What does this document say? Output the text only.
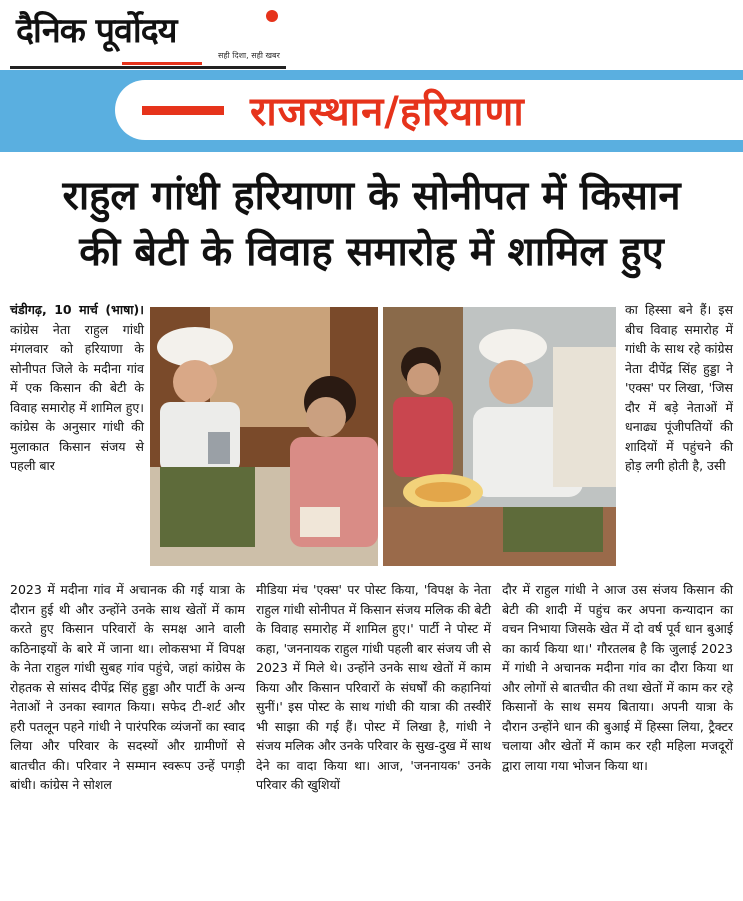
दैनिक पूर्वोदय
सही दिशा, सही खबर
राजस्थान/हरियाणा
राहुल गांधी हरियाणा के सोनीपत में किसान
की बेटी के विवाह समारोह में शामिल हुए

चंडीगढ़, 10 मार्च (भाषा)। कांग्रेस नेता राहुल गांधी मंगलवार को हरियाणा के सोनीपत जिले के मदीना गांव में एक किसान की बेटी के विवाह समारोह में शामिल हुए। कांग्रेस के अनुसार गांधी की मुलाकात किसान संजय से पहली बार

2023 में मदीना गांव में अचानक की गई यात्रा के दौरान हुई थी और उन्होंने उनके साथ खेतों में काम करते हुए किसान परिवारों के समक्ष आने वाली कठिनाइयों के बारे में जाना था। लोकसभा में विपक्ष के नेता राहुल गांधी सुबह गांव पहुंचे, जहां कांग्रेस के रोहतक से सांसद दीपेंद्र सिंह हुड्डा और पार्टी के अन्य नेताओं ने उनका स्वागत किया। सफेद टी-शर्ट और हरी पतलून पहने गांधी ने पारंपरिक व्यंजनों का स्वाद लिया और परिवार के सदस्यों और ग्रामीणों से बातचीत की। परिवार ने सम्मान स्वरूप उन्हें पगड़ी बांधी। कांग्रेस ने सोशल

मीडिया मंच 'एक्स' पर पोस्ट किया, 'विपक्ष के नेता राहुल गांधी सोनीपत में किसान संजय मलिक की बेटी के विवाह समारोह में शामिल हुए।' पार्टी ने पोस्ट में कहा, 'जननायक राहुल गांधी पहली बार संजय जी से 2023 में मिले थे। उन्होंने उनके साथ खेतों में काम किया और किसान परिवारों के संघर्षों की कहानियां सुनीं।' इस पोस्ट के साथ गांधी की यात्रा की तस्वीरें भी साझा की गई हैं। पोस्ट में लिखा है, गांधी ने संजय मलिक और उनके परिवार के सुख-दुख में साथ देने का वादा किया था। आज, 'जननायक' उनके परिवार की खुशियों

का हिस्सा बने हैं। इस बीच विवाह समारोह में गांधी के साथ रहे कांग्रेस नेता दीपेंद्र सिंह हुड्डा ने 'एक्स' पर लिखा, 'जिस दौर में बड़े नेताओं में धनाढ्य पूंजीपतियों की शादियों में पहुंचने की होड़ लगी होती है, उसी

दौर में राहुल गांधी ने आज उस संजय किसान की बेटी की शादी में पहुंच कर अपना कन्यादान का वचन निभाया जिसके खेत में दो वर्ष पूर्व धान बुआई का कार्य किया था।' गौरतलब है कि जुलाई 2023 में गांधी ने अचानक मदीना गांव का दौरा किया था और लोगों से बातचीत की तथा खेतों में काम कर रहे किसानों के साथ समय बिताया। अपनी यात्रा के दौरान उन्होंने धान की बुआई में हिस्सा लिया, ट्रैक्टर चलाया और खेतों में काम कर रही महिला मजदूरों द्वारा लाया गया भोजन किया था।
